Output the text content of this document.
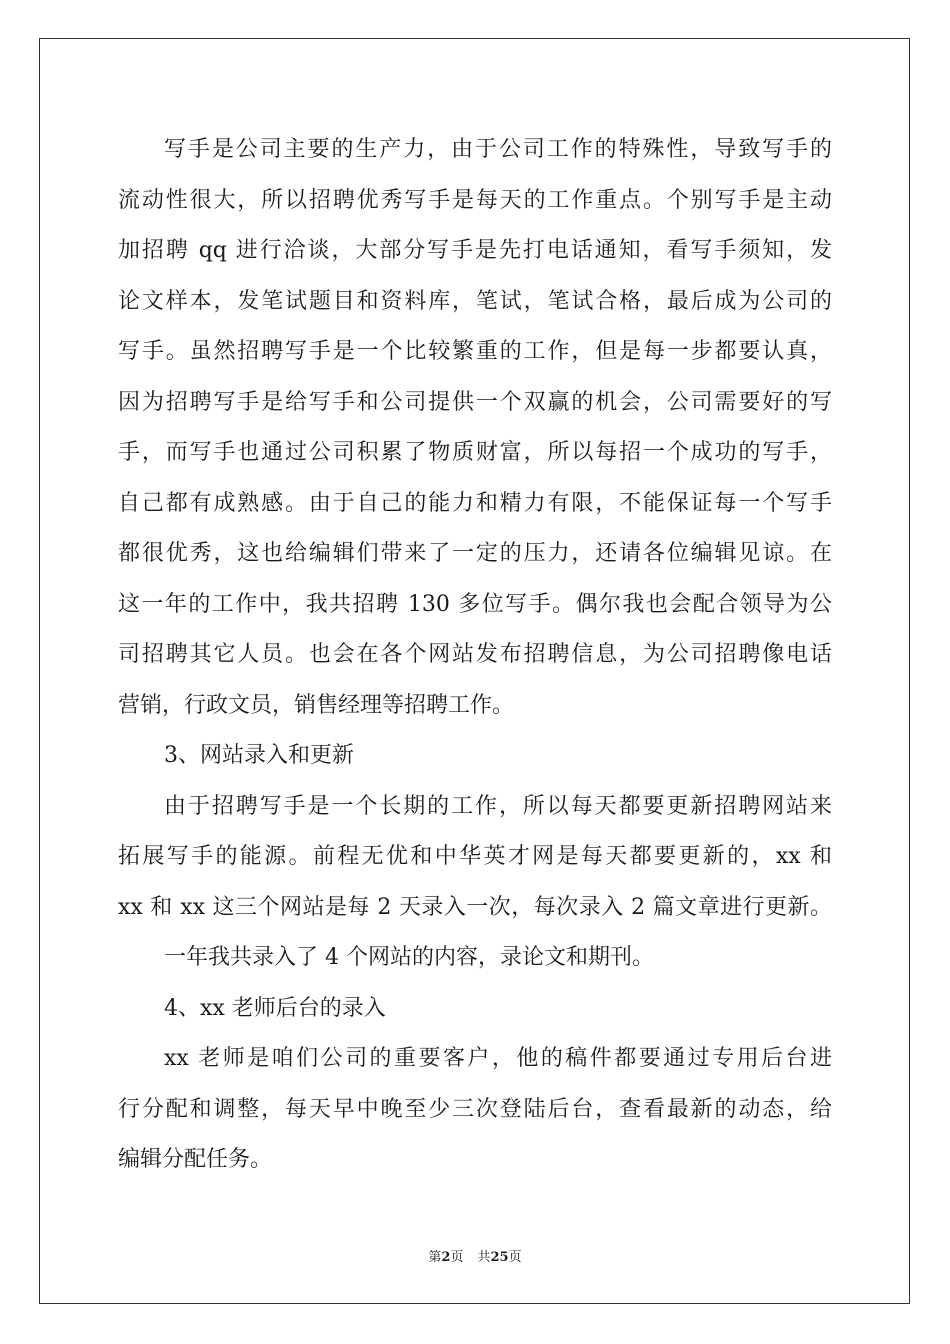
写手是公司主要的生产力，由于公司工作的特殊性，导致写手的
流动性很大，所以招聘优秀写手是每天的工作重点。个别写手是主动
加招聘 qq 进行洽谈，大部分写手是先打电话通知，看写手须知，发
论文样本，发笔试题目和资料库，笔试，笔试合格，最后成为公司的
写手。虽然招聘写手是一个比较繁重的工作，但是每一步都要认真，
因为招聘写手是给写手和公司提供一个双赢的机会，公司需要好的写
手，而写手也通过公司积累了物质财富，所以每招一个成功的写手，
自己都有成熟感。由于自己的能力和精力有限，不能保证每一个写手
都很优秀，这也给编辑们带来了一定的压力，还请各位编辑见谅。在
这一年的工作中，我共招聘 130 多位写手。偶尔我也会配合领导为公
司招聘其它人员。也会在各个网站发布招聘信息，为公司招聘像电话
营销，行政文员，销售经理等招聘工作。
3、网站录入和更新
由于招聘写手是一个长期的工作，所以每天都要更新招聘网站来
拓展写手的能源。前程无优和中华英才网是每天都要更新的，xx 和
xx 和 xx 这三个网站是每 2 天录入一次，每次录入 2 篇文章进行更新。
一年我共录入了 4 个网站的内容，录论文和期刊。
4、xx 老师后台的录入
xx 老师是咱们公司的重要客户，他的稿件都要通过专用后台进
行分配和调整，每天早中晚至少三次登陆后台，查看最新的动态，给
编辑分配任务。
第2页 共25页
